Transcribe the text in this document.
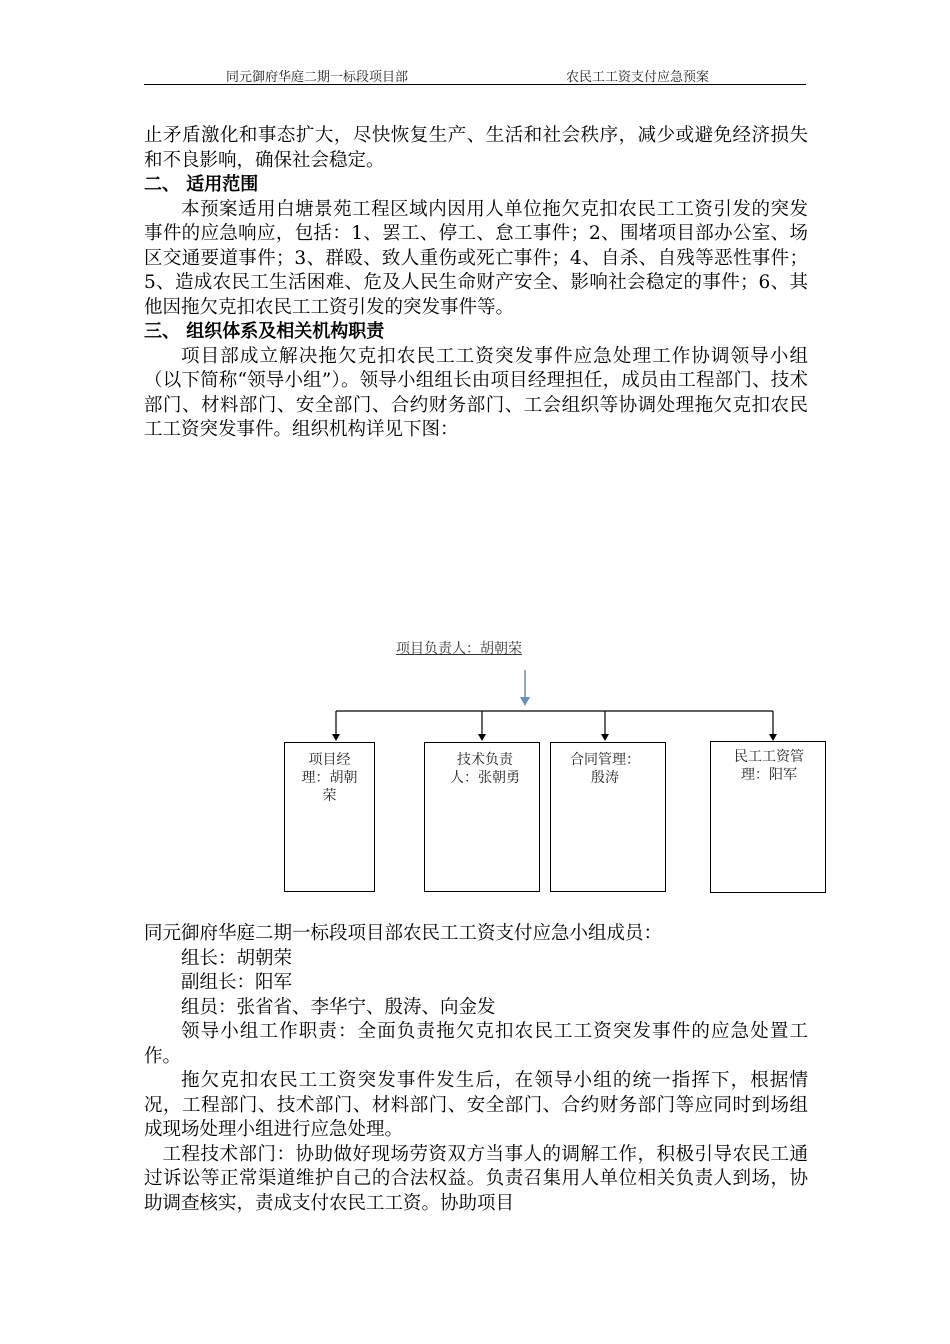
同元御府华庭二期一标段项目部	农民工工资支付应急预案

止矛盾激化和事态扩大，尽快恢复生产、生活和社会秩序，减少或避免经济损失和不良影响，确保社会稳定。

二、 适用范围

本预案适用白塘景苑工程区域内因用人单位拖欠克扣农民工工资引发的突发事件的应急响应，包括：1、罢工、停工、怠工事件；2、围堵项目部办公室、场区交通要道事件；3、群殴、致人重伤或死亡事件；4、自杀、自残等恶性事件；5、造成农民工生活困难、危及人民生命财产安全、影响社会稳定的事件；6、其他因拖欠克扣农民工工资引发的突发事件等。

三、 组织体系及相关机构职责

项目部成立解决拖欠克扣农民工工资突发事件应急处理工作协调领导小组（以下简称“领导小组”）。领导小组组长由项目经理担任，成员由工程部门、技术部门、材料部门、安全部门、合约财务部门、工会组织等协调处理拖欠克扣农民工工资突发事件。组织机构详见下图：

项目负责人：胡朝荣
项目经理：胡朝荣
技术负责人：张朝勇
合同管理：殷涛
民工工资管理：阳军

同元御府华庭二期一标段项目部农民工工资支付应急小组成员：

组长：胡朝荣

副组长：阳军

组员：张省省、李华宁、殷涛、向金发

领导小组工作职责：全面负责拖欠克扣农民工工资突发事件的应急处置工作。

拖欠克扣农民工工资突发事件发生后，在领导小组的统一指挥下，根据情况，工程部门、技术部门、材料部门、安全部门、合约财务部门等应同时到场组成现场处理小组进行应急处理。

工程技术部门：协助做好现场劳资双方当事人的调解工作，积极引导农民工通过诉讼等正常渠道维护自己的合法权益。负责召集用人单位相关负责人到场，协助调查核实，责成支付农民工工资。协助项目
